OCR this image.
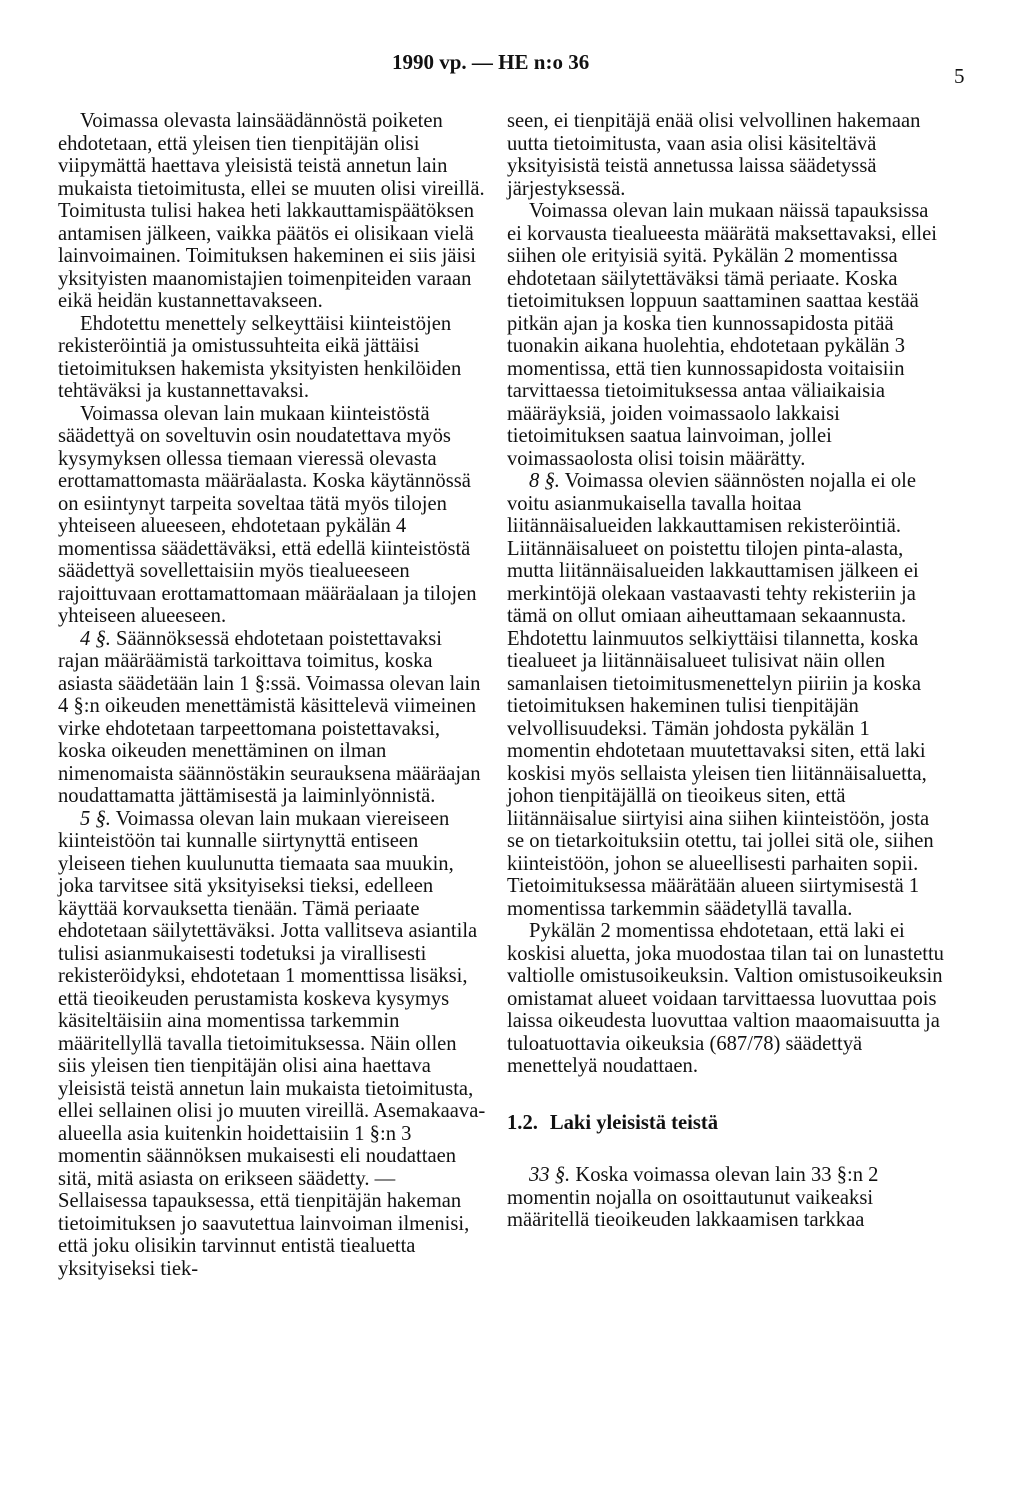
1990 vp. — HE n:o 36
5

Voimassa olevasta lainsäädännöstä poiketen ehdotetaan, että yleisen tien tienpitäjän olisi viipymättä haettava yleisistä teistä annetun lain mukaista tietoimitusta, ellei se muuten olisi vireillä. Toimitusta tulisi hakea heti lakkauttamispäätöksen antamisen jälkeen, vaikka päätös ei olisikaan vielä lainvoimainen. Toimituksen hakeminen ei siis jäisi yksityisten maanomistajien toimenpiteiden varaan eikä heidän kustannettavakseen.

Ehdotettu menettely selkeyttäisi kiinteistöjen rekisteröintiä ja omistussuhteita eikä jättäisi tietoimituksen hakemista yksityisten henkilöiden tehtäväksi ja kustannettavaksi.

Voimassa olevan lain mukaan kiinteistöstä säädettyä on soveltuvin osin noudatettava myös kysymyksen ollessa tiemaan vieressä olevasta erottamattomasta määräalasta. Koska käytännössä on esiintynyt tarpeita soveltaa tätä myös tilojen yhteiseen alueeseen, ehdotetaan pykälän 4 momentissa säädettäväksi, että edellä kiinteistöstä säädettyä sovellettaisiin myös tiealueeseen rajoittuvaan erottamattomaan määräalaan ja tilojen yhteiseen alueeseen.

4 §. Säännöksessä ehdotetaan poistettavaksi rajan määräämistä tarkoittava toimitus, koska asiasta säädetään lain 1 §:ssä. Voimassa olevan lain 4 §:n oikeuden menettämistä käsittelevä viimeinen virke ehdotetaan tarpeettomana poistettavaksi, koska oikeuden menettäminen on ilman nimenomaista säännöstäkin seurauksena määräajan noudattamatta jättämisestä ja laiminlyönnistä.

5 §. Voimassa olevan lain mukaan viereiseen kiinteistöön tai kunnalle siirtynyttä entiseen yleiseen tiehen kuulunutta tiemaata saa muukin, joka tarvitsee sitä yksityiseksi tieksi, edelleen käyttää korvauksetta tienään. Tämä periaate ehdotetaan säilytettäväksi. Jotta vallitseva asiantila tulisi asianmukaisesti todetuksi ja virallisesti rekisteröidyksi, ehdotetaan 1 momenttissa lisäksi, että tieoikeuden perustamista koskeva kysymys käsiteltäisiin aina momentissa tarkemmin määritellyllä tavalla tietoimituksessa. Näin ollen siis yleisen tien tienpitäjän olisi aina haettava yleisistä teistä annetun lain mukaista tietoimitusta, ellei sellainen olisi jo muuten vireillä. Asemakaava-alueella asia kuitenkin hoidettaisiin 1 §:n 3 momentin säännöksen mukaisesti eli noudattaen sitä, mitä asiasta on erikseen säädetty. — Sellaisessa tapauksessa, että tienpitäjän hakeman tietoimituksen jo saavutettua lainvoiman ilmenisi, että joku olisikin tarvinnut entistä tiealuetta yksityiseksi tiek-

seen, ei tienpitäjä enää olisi velvollinen hakemaan uutta tietoimitusta, vaan asia olisi käsiteltävä yksityisistä teistä annetussa laissa säädetyssä järjestyksessä.

Voimassa olevan lain mukaan näissä tapauksissa ei korvausta tiealueesta määrätä maksettavaksi, ellei siihen ole erityisiä syitä. Pykälän 2 momentissa ehdotetaan säilytettäväksi tämä periaate. Koska tietoimituksen loppuun saattaminen saattaa kestää pitkän ajan ja koska tien kunnossapidosta pitää tuonakin aikana huolehtia, ehdotetaan pykälän 3 momentissa, että tien kunnossapidosta voitaisiin tarvittaessa tietoimituksessa antaa väliaikaisia määräyksiä, joiden voimassaolo lakkaisi tietoimituksen saatua lainvoiman, jollei voimassaolosta olisi toisin määrätty.

8 §. Voimassa olevien säännösten nojalla ei ole voitu asianmukaisella tavalla hoitaa liitännäisalueiden lakkauttamisen rekisteröintiä. Liitännäisalueet on poistettu tilojen pinta-alasta, mutta liitännäisalueiden lakkauttamisen jälkeen ei merkintöjä olekaan vastaavasti tehty rekisteriin ja tämä on ollut omiaan aiheuttamaan sekaannusta. Ehdotettu lainmuutos selkiyttäisi tilannetta, koska tiealueet ja liitännäisalueet tulisivat näin ollen samanlaisen tietoimitusmenettelyn piiriin ja koska tietoimituksen hakeminen tulisi tienpitäjän velvollisuudeksi. Tämän johdosta pykälän 1 momentin ehdotetaan muutettavaksi siten, että laki koskisi myös sellaista yleisen tien liitännäisaluetta, johon tienpitäjällä on tieoikeus siten, että liitännäisalue siirtyisi aina siihen kiinteistöön, josta se on tietarkoituksiin otettu, tai jollei sitä ole, siihen kiinteistöön, johon se alueellisesti parhaiten sopii. Tietoimituksessa määrätään alueen siirtymisestä 1 momentissa tarkemmin säädetyllä tavalla.

Pykälän 2 momentissa ehdotetaan, että laki ei koskisi aluetta, joka muodostaa tilan tai on lunastettu valtiolle omistusoikeuksin. Valtion omistusoikeuksin omistamat alueet voidaan tarvittaessa luovuttaa pois laissa oikeudesta luovuttaa valtion maaomaisuutta ja tuloatuottavia oikeuksia (687/78) säädettyä menettelyä noudattaen.

1.2. Laki yleisistä teistä

33 §. Koska voimassa olevan lain 33 §:n 2 momentin nojalla on osoittautunut vaikeaksi määritellä tieoikeuden lakkaamisen tarkkaa
